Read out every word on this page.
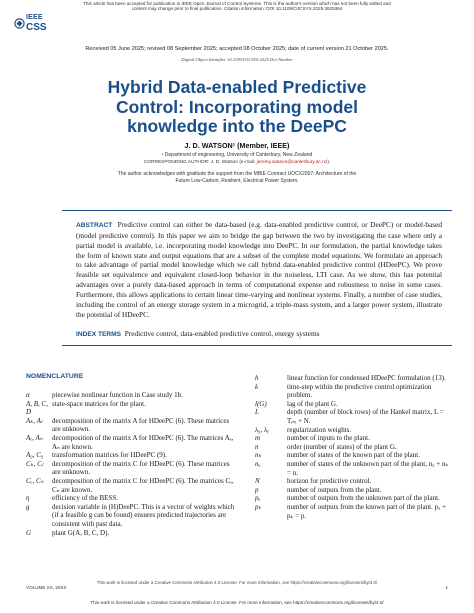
This article has been accepted for publication in IEEE Open Journal of Control Systems. This is the author's version which has not been fully edited and
content may change prior to final publication. Citation information: DOI 10.1109/OJCSYS.2025.3625364
IEEE
CSS
Received 05 June 2025; revised 08 September 2025; accepted 08 October 2025; date of current version 21 October 2025.
Digital Object Identifier 10.1109/OJCSYS.2025.Doi Number
Hybrid Data-enabled Predictive
Control: Incorporating model
knowledge into the DeePC
J. D. WATSON¹ (Member, IEEE)
¹ Department of engineering, University of Canterbury, New Zealand
CORRESPONDING AUTHOR: J. D. Watson (e-mail: jeremy.watson@canterbury.ac.nz).
The author acknowledges with gratitude the support from the MBIE Contract UOCX2007: Architecture of the Future Low-Carbon, Resilient, Electrical Power System.
ABSTRACT Predictive control can either be data-based (e.g. data-enabled predictive control, or DeePC) or model-based (model predictive control). In this paper we aim to bridge the gap between the two by investigating the case where only a partial model is available, i.e. incorporating model knowledge into DeePC. In our formulation, the partial knowledge takes the form of known state and output equations that are a subset of the complete model equations. We formulate an approach to take advantage of partial model knowledge which we call hybrid data-enabled predictive control (HDeePC). We prove feasible set equivalence and equivalent closed-loop behavior in the noiseless, LTI case. As we show, this has potential advantages over a purely data-based approach in terms of computational expense and robustness to noise in some cases. Furthermore, this allows applications to certain linear time-varying and nonlinear systems. Finally, a number of case studies, including the control of an energy storage system in a microgrid, a triple-mass system, and a larger power system, illustrate the potential of HDeePC.
INDEX TERMS Predictive control, data-enabled predictive control, energy systems
NOMENCLATURE
α	piecewise nonlinear function in Case study 1b.
A, B, C, D
state-space matrices for the plant.
Aₖ, Aₗ	decomposition of the matrix A for HDeePC (6). These matrices are unknown.
Aₑ, Aₙ	decomposition of the matrix A for HDeePC (6). The matrices Aₑ, Aₙ are known.
A₉, C₉	transformation matrices for HDeePC (9).
Cₖ, Cₗ	decomposition of the matrix C for HDeePC (6). These matrices are unknown.
Cₑ, Cₙ	decomposition of the matrix C for HDeePC (6). The matrices Cₑ, Cₙ are known.
η	efficiency of the BESS.
g	decision variable in (H)DeePC. This is a vector of weights which (if a feasible g can be found) ensures predicted trajectories are consistent with past data.
G	plant G(A, B, C, D).
h	linear function for condensed HDeePC formulation (13).
k	time-step within the predictive control optimization problem.
l(G)	lag of the plant G.
L	depth (number of block rows) of the Hankel matrix, L = Tᵢₙᵢ + N.
λ₉, λᵧ	regularization weights.
m	number of inputs to the plant.
n	order (number of states) of the plant G.
nₖ	number of states of the known part of the plant.
nᵤ	number of states of the unknown part of the plant, nᵤ + nₖ = n.
N	horizon for predictive control.
p	number of outputs from the plant.
pᵤ	number of outputs from the unknown part of the plant.
pₖ	number of outputs from the known part of the plant. pᵤ + pₖ = p.
This work is licensed under a Creative Commons Attribution 4.0 License. For more information, see https://creativecommons.org/licenses/by/4.0/
VOLUME XX, 20XX	1
This work is licensed under a Creative Commons Attribution 4.0 License. For more information, see https://creativecommons.org/licenses/by/4.0/
